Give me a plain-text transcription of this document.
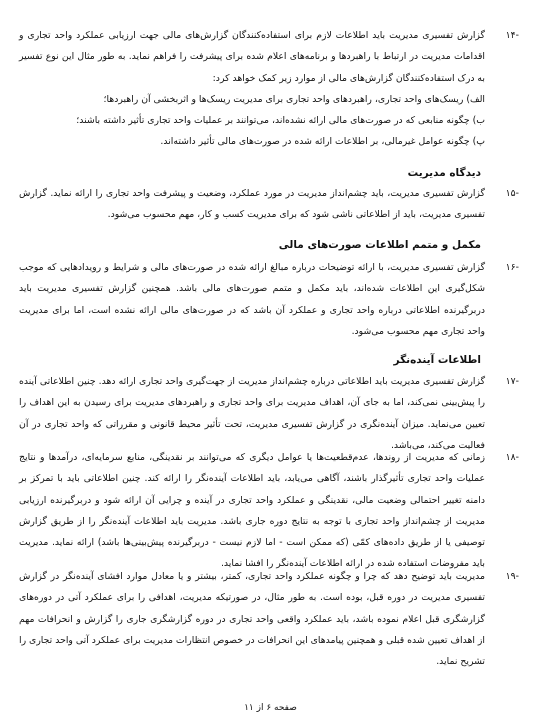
-۱۴
گزارش تفسیری مدیریت باید اطلاعات لازم برای استفاده‌کنندگان گزارش‌های مالی جهت ارزیابی عملکرد واحد تجاری و اقدامات مدیریت در ارتباط با راهبردها و برنامه‌های اعلام شده برای پیشرفت را فراهم نماید. به طور مثال این نوع تفسیر به درک استفاده‌کنندگان گزارش‌های مالی از موارد زیر کمک خواهد کرد:
الف) ریسک‌های واحد تجاری، راهبردهای واحد تجاری برای مدیریت ریسک‌ها و اثربخشی آن راهبردها؛
ب) چگونه منابعی که در صورت‌های مالی ارائه نشده‌اند، می‌توانند بر عملیات واحد تجاری تأثیر داشته باشند؛
پ) چگونه عوامل غیرمالی، بر اطلاعات ارائه شده در صورت‌های مالی تأثیر داشته‌اند.
دیدگاه مدیریت
-۱۵
گزارش تفسیری مدیریت، باید چشم‌انداز مدیریت در مورد عملکرد، وضعیت و پیشرفت واحد تجاری را ارائه نماید. گزارش تفسیری مدیریت، باید از اطلاعاتی ناشی شود که برای مدیریت کسب و کار، مهم محسوب می‌شود.
مکمل و متمم اطلاعات صورت‌های مالی
-۱۶
گزارش تفسیری مدیریت، با ارائه توضیحات درباره مبالغ ارائه شده در صورت‌های مالی و شرایط و رویدادهایی که موجب شکل‌گیری این اطلاعات شده‌اند، باید مکمل و متمم صورت‌های مالی باشد. همچنین گزارش تفسیری مدیریت باید دربرگیرنده اطلاعاتی درباره واحد تجاری و عملکرد آن باشد که در صورت‌های مالی ارائه نشده است، اما برای مدیریت واحد تجاری مهم محسوب می‌شود.
اطلاعات آینده‌نگر
-۱۷
گزارش تفسیری مدیریت باید اطلاعاتی درباره چشم‌انداز مدیریت از جهت‌گیری واحد تجاری ارائه دهد. چنین اطلاعاتی آینده را پیش‌بینی نمی‌کند، اما به جای آن، اهداف مدیریت برای واحد تجاری و راهبردهای مدیریت برای رسیدن به این اهداف را تعیین می‌نماید. میزان آینده‌نگری در گزارش تفسیری مدیریت، تحت تأثیر محیط قانونی و مقرراتی که واحد تجاری در آن فعالیت می‌کند، می‌باشد.
-۱۸
زمانی که مدیریت از روندها، عدم‌قطعیت‌ها یا عوامل دیگری که می‌توانند بر نقدینگی، منابع سرمایه‌ای، درآمدها و نتایج عملیات واحد تجاری تأثیرگذار باشند، آگاهی می‌یابد، باید اطلاعات آینده‌نگر را ارائه کند. چنین اطلاعاتی باید با تمرکز بر دامنه تغییر احتمالی وضعیت مالی، نقدینگی و عملکرد واحد تجاری در آینده و چرایی آن ارائه شود و دربرگیرنده ارزیابی مدیریت از چشم‌انداز واحد تجاری با توجه به نتایج دوره جاری باشد. مدیریت باید اطلاعات آینده‌نگر را از طریق گزارش توصیفی یا از طریق داده‌های کمّی (که ممکن است - اما لازم نیست - دربرگیرنده پیش‌بینی‌ها باشد) ارائه نماید. مدیریت باید مفروضات استفاده شده در ارائه اطلاعات آینده‌نگر را افشا نماید.
-۱۹
مدیریت باید توضیح دهد که چرا و چگونه عملکرد واحد تجاری، کمتر، بیشتر و یا معادل موارد افشای آینده‌نگر در گزارش تفسیری مدیریت در دوره قبل، بوده است. به طور مثال، در صورتیکه مدیریت، اهدافی را برای عملکرد آتی در دوره‌های گزارشگری قبل اعلام نموده باشد، باید عملکرد واقعی واحد تجاری در دوره گزارشگری جاری را گزارش و انحرافات مهم از اهداف تعیین شده قبلی و همچنین پیامدهای این انحرافات در خصوص انتظارات مدیریت برای عملکرد آتی واحد تجاری را تشریح نماید.
صفحه ۶ از ۱۱
